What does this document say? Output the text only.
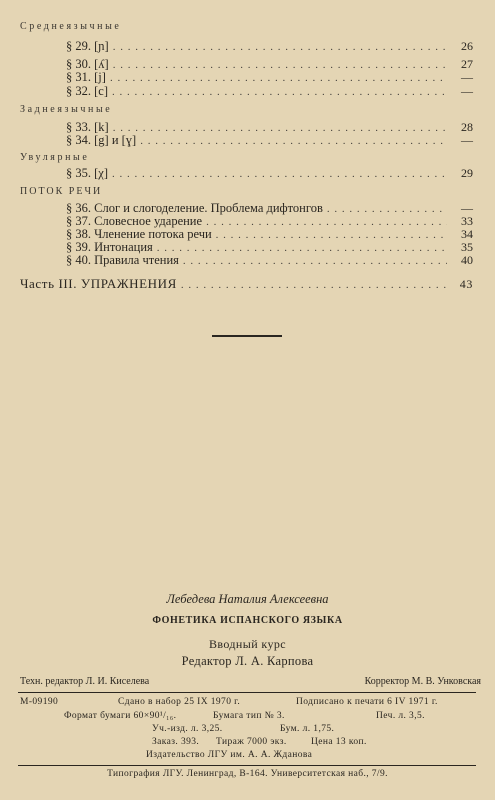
Среднеязычные
§ 29. [ɲ] . . .	26
§ 30. [ʎ] . . .	27
§ 31. [j] . . .	—
§ 32. [c] . . .	—
Заднеязычные
§ 33. [k] . . .	28
§ 34. [g] и [ɣ] . . .	—
Увулярные
§ 35. [χ] . . .	29
ПОТОК РЕЧИ
§ 36. Слог и слогоделение. Проблема дифтонгов . . .	—
§ 37. Словесное ударение . . .	33
§ 38. Членение потока речи . . .	34
§ 39. Интонация . . .	35
§ 40. Правила чтения . . .	40
Часть III. УПРАЖНЕНИЯ . . .	43
Лебедева Наталия Алексеевна
ФОНЕТИКА ИСПАНСКОГО ЯЗЫКА
Вводный курс
Редактор Л. А. Карпова
Техн. редактор Л. И. Киселева	Корректор М. В. Унковская
М-09190	Сдано в набор 25 IX 1970 г.	Подписано к печати 6 IV 1971 г.
Формат бумаги 60×90¹/₁₆.	Бумага тип № 3.	Печ. л. 3,5.
Уч.-изд. л. 3,25.	Бум. л. 1,75.
Заказ. 393. Тираж 7000 экз.	Цена 13 коп.
Издательство ЛГУ им. А. А. Жданова
Типография ЛГУ. Ленинград, В-164. Университетская наб., 7/9.
